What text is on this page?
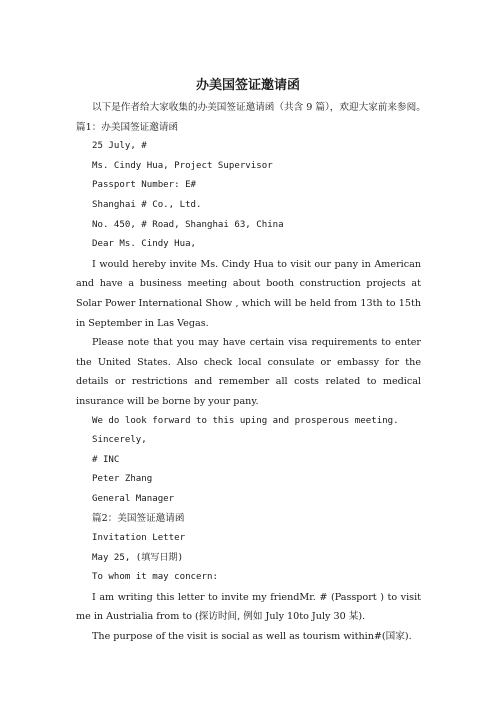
办美国签证邀请函

以下是作者给大家收集的办美国签证邀请函（共含 9 篇），欢迎大家前来参阅。　篇1：办美国签证邀请函

25 July, #

Ms. Cindy Hua, Project Supervisor

Passport Number: E#

Shanghai # Co., Ltd.

No. 450, # Road, Shanghai 63, China

Dear Ms. Cindy Hua,

I would hereby invite Ms. Cindy Hua to visit our pany in American and have a business meeting about booth construction projects at Solar Power International Show , which will be held from 13th to 15th in September in Las Vegas.

Please note that you may have certain visa requirements to enter the United States. Also check local consulate or embassy for the details or restrictions and remember all costs related to medical insurance will be borne by your pany.

We do look forward to this uping and prosperous meeting.

Sincerely,

# INC

Peter Zhang

General Manager

篇2：美国签证邀请函

Invitation Letter

May 25, (填写日期)

To whom it may concern:

I am writing this letter to invite my friendMr. # (Passport ) to visit me in Austrialia from to (探访时间, 例如 July 10to July 30 某).

The purpose of the visit is social as well as tourism within#(国家).
